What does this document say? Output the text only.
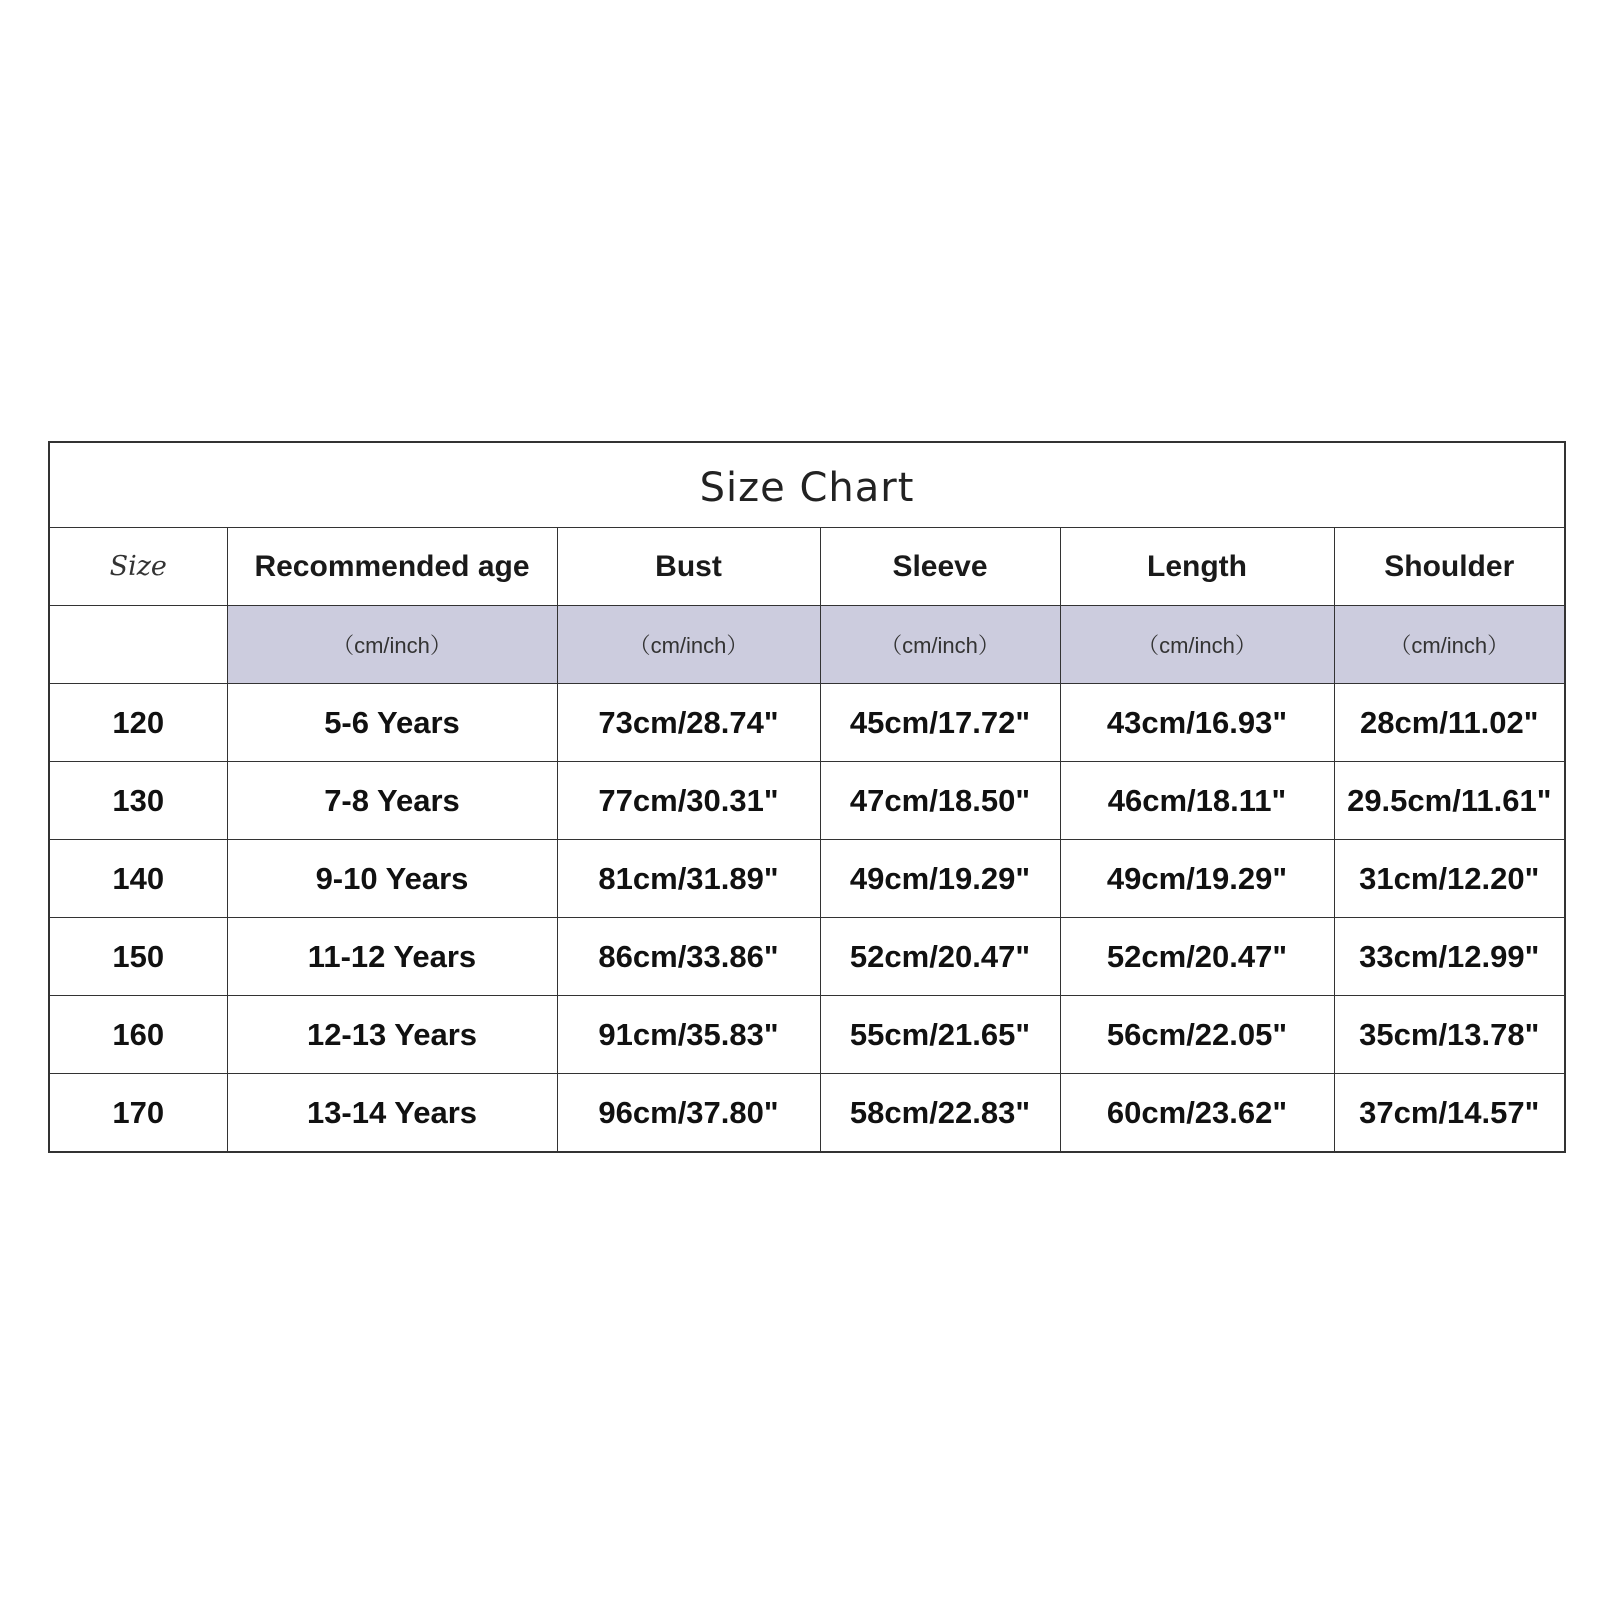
Size Chart					
Size	Recommended age	Bust	Sleeve	Length	Shoulder
	（cm/inch）	（cm/inch）	（cm/inch）	（cm/inch）	（cm/inch）
120	5-6 Years	73cm/28.74"	45cm/17.72"	43cm/16.93"	28cm/11.02"
130	7-8 Years	77cm/30.31"	47cm/18.50"	46cm/18.11"	29.5cm/11.61"
140	9-10 Years	81cm/31.89"	49cm/19.29"	49cm/19.29"	31cm/12.20"
150	11-12 Years	86cm/33.86"	52cm/20.47"	52cm/20.47"	33cm/12.99"
160	12-13 Years	91cm/35.83"	55cm/21.65"	56cm/22.05"	35cm/13.78"
170	13-14 Years	96cm/37.80"	58cm/22.83"	60cm/23.62"	37cm/14.57"
